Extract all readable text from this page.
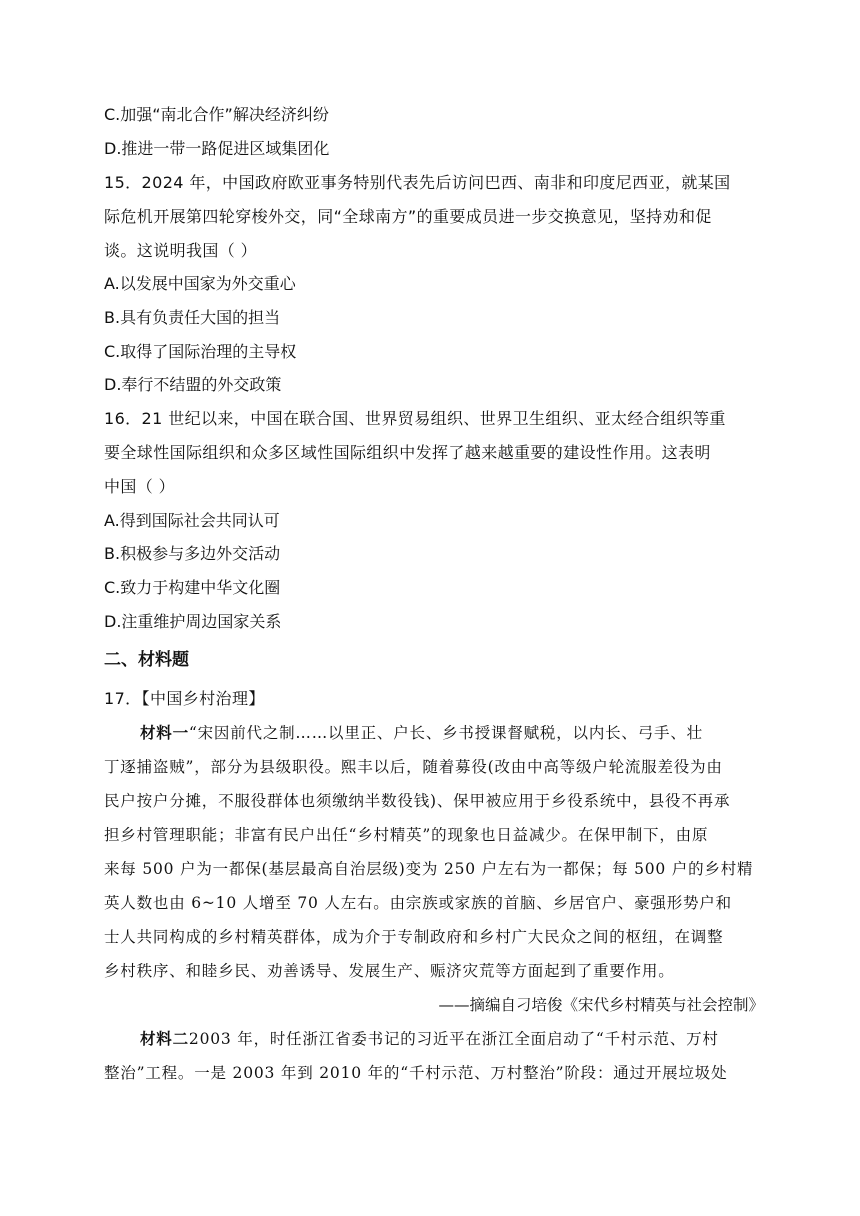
C.加强“南北合作”解决经济纠纷
D.推进一带一路促进区域集团化
15．2024 年，中国政府欧亚事务特别代表先后访问巴西、南非和印度尼西亚，就某国
际危机开展第四轮穿梭外交，同“全球南方”的重要成员进一步交换意见，坚持劝和促
谈。这说明我国（ ）
A.以发展中国家为外交重心
B.具有负责任大国的担当
C.取得了国际治理的主导权
D.奉行不结盟的外交政策
16．21 世纪以来，中国在联合国、世界贸易组织、世界卫生组织、亚太经合组织等重
要全球性国际组织和众多区域性国际组织中发挥了越来越重要的建设性作用。这表明
中国（ ）
A.得到国际社会共同认可
B.积极参与多边外交活动
C.致力于构建中华文化圈
D.注重维护周边国家关系
二、材料题
17．【中国乡村治理】
材料一“宋因前代之制……以里正、户长、乡书授课督赋税，以内长、弓手、壮
丁逐捕盗贼”，部分为县级职役。熙丰以后，随着募役(改由中高等级户轮流服差役为由
民户按户分摊，不服役群体也须缴纳半数役钱)、保甲被应用于乡役系统中，县役不再承
担乡村管理职能；非富有民户出任“乡村精英”的现象也日益减少。在保甲制下，由原
来每 500 户为一都保(基层最高自治层级)变为 250 户左右为一都保；每 500 户的乡村精
英人数也由 6~10 人增至 70 人左右。由宗族或家族的首脑、乡居官户、豪强形势户和
士人共同构成的乡村精英群体，成为介于专制政府和乡村广大民众之间的枢纽，在调整
乡村秩序、和睦乡民、劝善诱导、发展生产、赈济灾荒等方面起到了重要作用。
——摘编自刁培俊《宋代乡村精英与社会控制》
材料二2003 年，时任浙江省委书记的习近平在浙江全面启动了“千村示范、万村
整治”工程。一是 2003 年到 2010 年的“千村示范、万村整治”阶段：通过开展垃圾处
